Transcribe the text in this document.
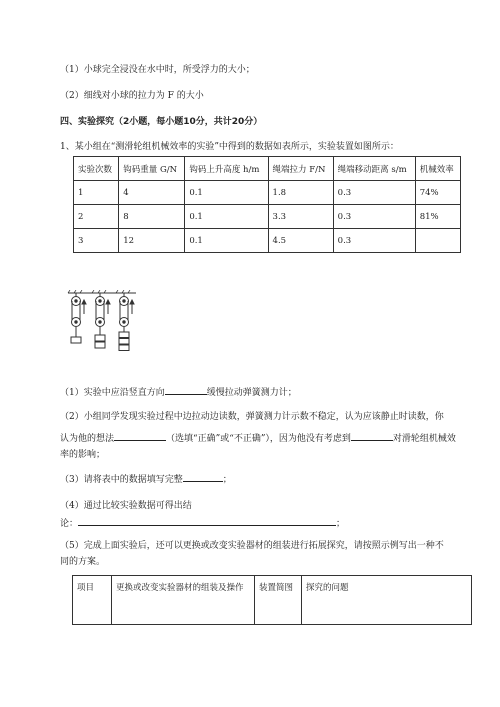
（1）小球完全浸没在水中时，所受浮力的大小；
（2）细线对小球的拉力为 F 的大小
四、实验探究（2小题，每小题10分，共计20分）
1、某小组在“测滑轮组机械效率的实验”中得到的数据如表所示，实验装置如图所示：
实验次数	钩码重量 G/N	钩码上升高度 h/m	绳端拉力 F/N	绳端移动距离 s/m	机械效率
1	4	0.1	1.8	0.3	74%
2	8	0.1	3.3	0.3	81%
3	12	0.1	4.5	0.3	
（1）实验中应沿竖直方向	缓慢拉动弹簧测力计；
（2）小组同学发现实验过程中边拉动边读数，弹簧测力计示数不稳定，认为应该静止时读数，你
认为他的想法	（选填“正确”或“不正确”），因为他没有考虑到	对滑轮组机械效
率的影响；
（3）请将表中的数据填写完整	；
（4）通过比较实验数据可得出结
论：	；
（5）完成上面实验后，还可以更换或改变实验器材的组装进行拓展探究，请按照示例写出一种不
同的方案。
项目	更换或改变实验器材的组装及操作	装置简图	探究的问题
